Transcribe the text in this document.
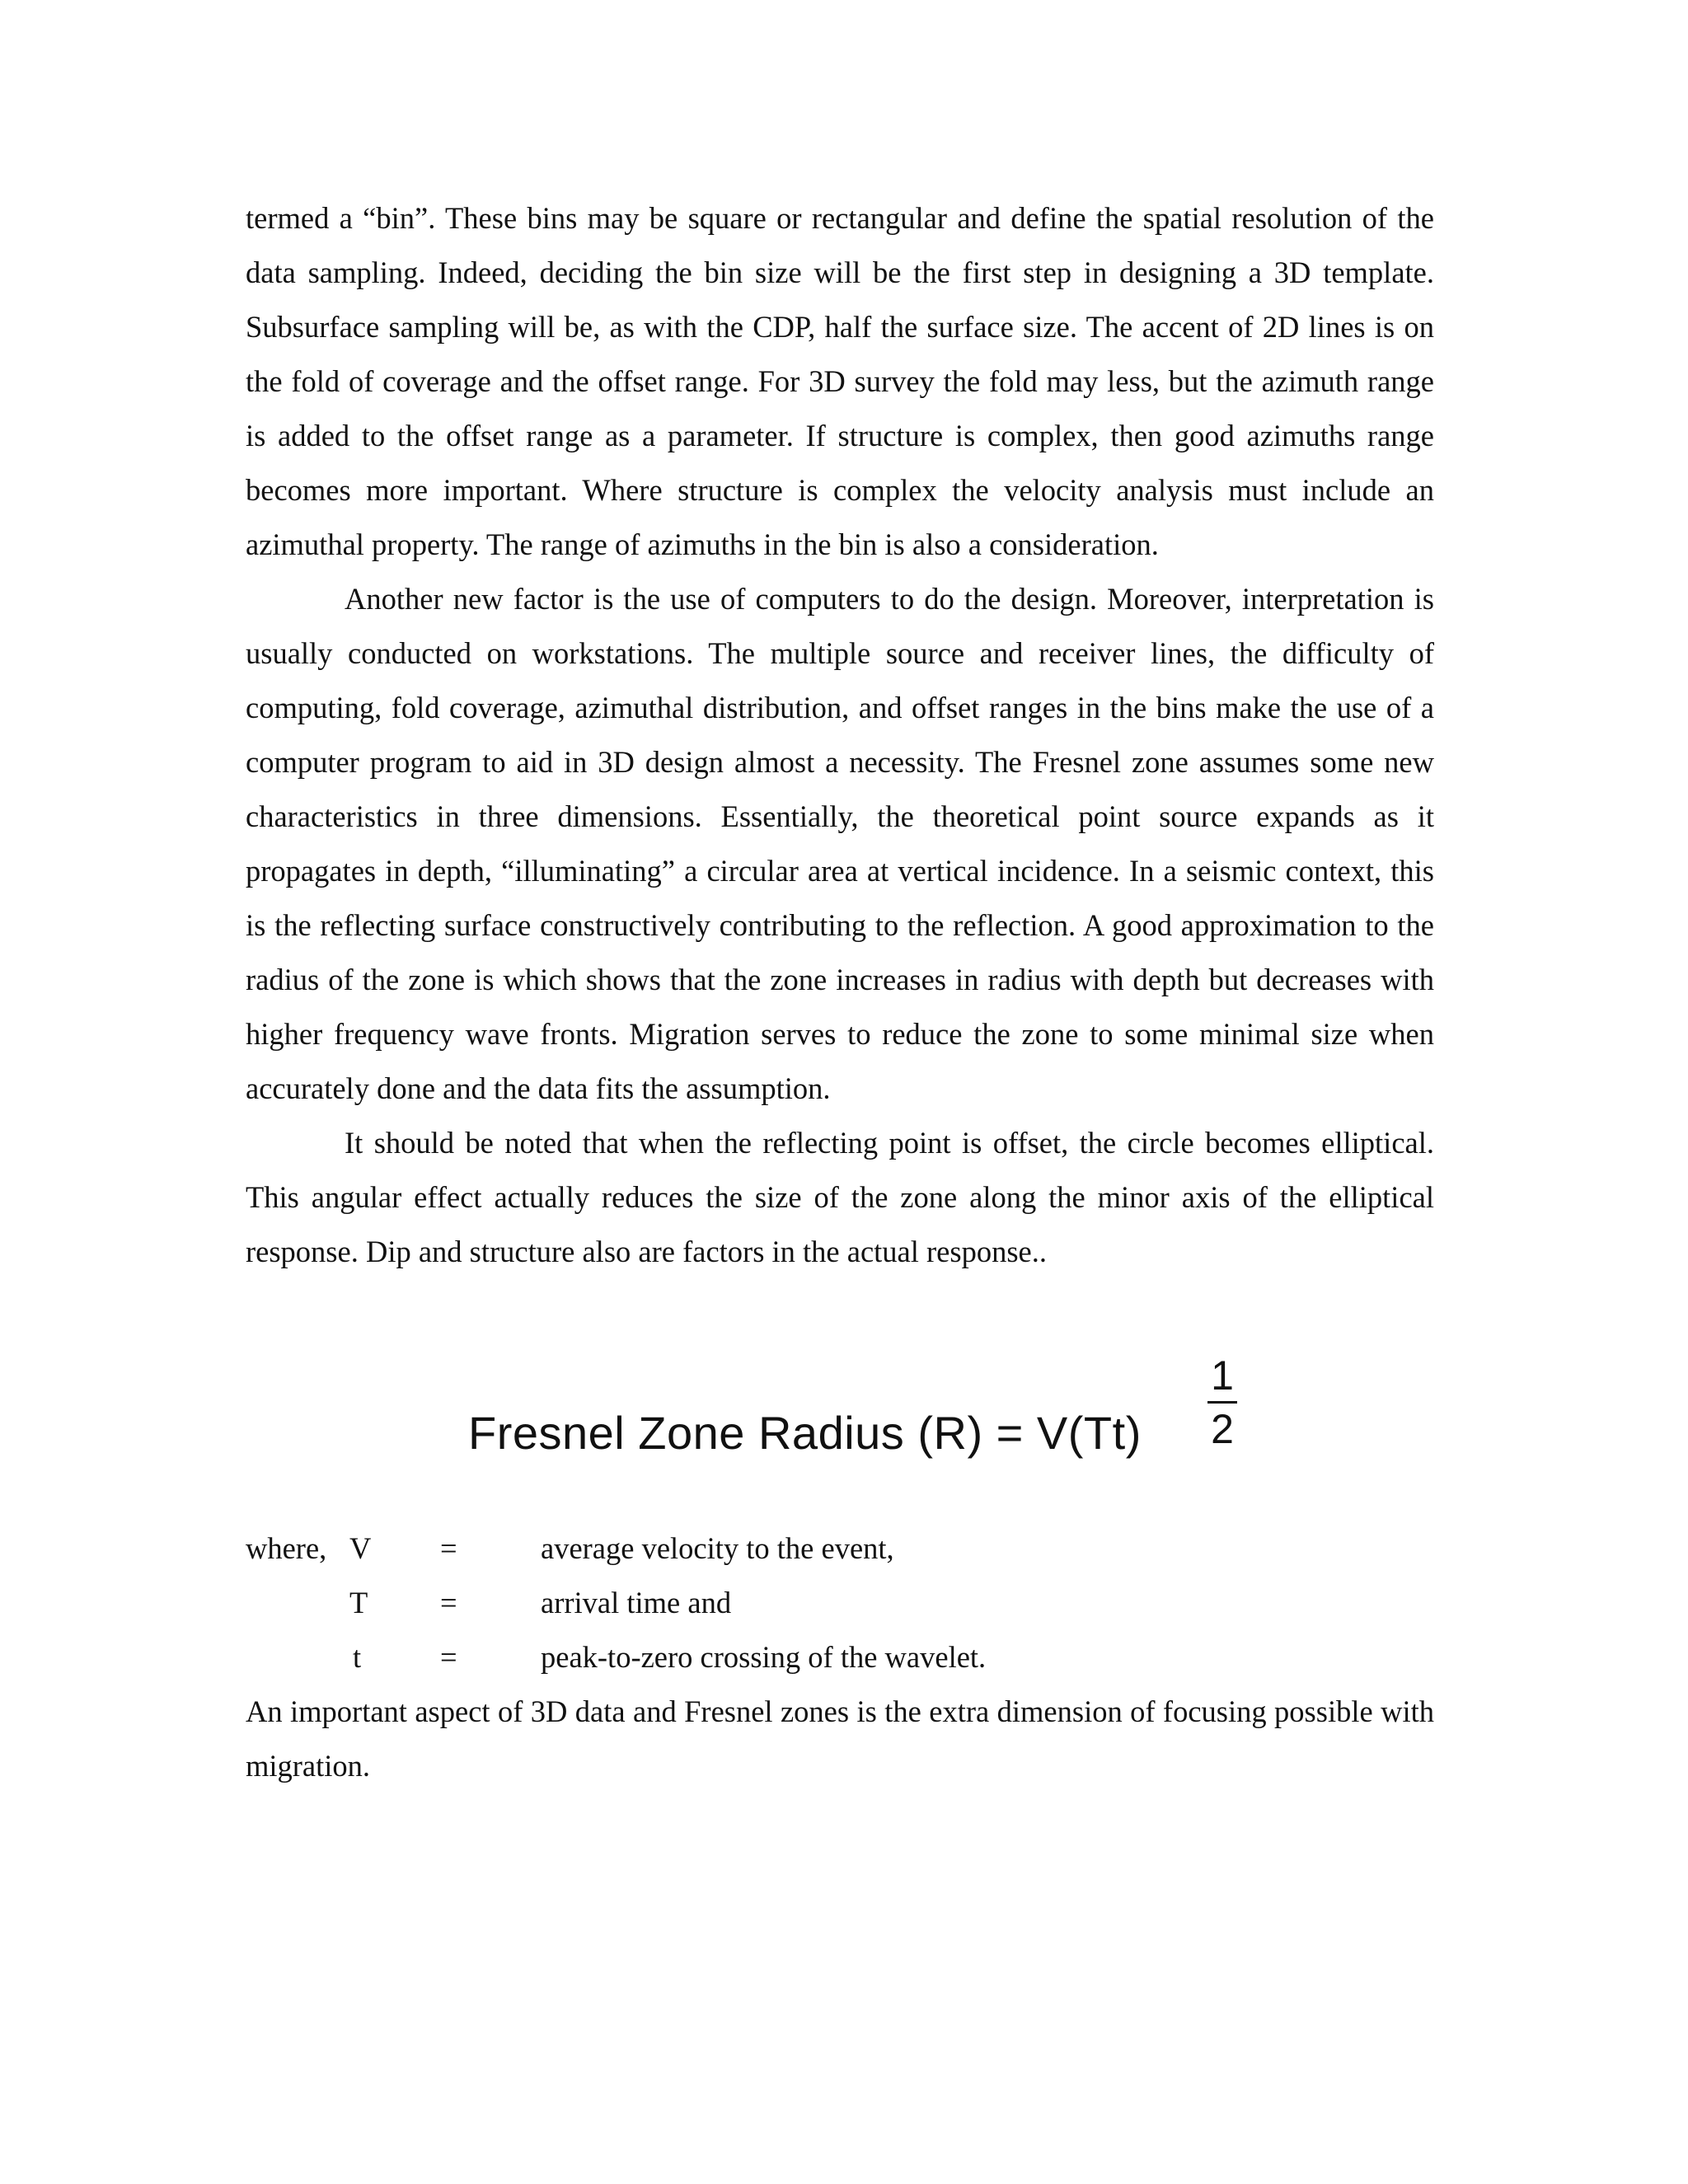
termed a “bin”. These bins may be square or rectangular and define the spatial resolution of the data sampling. Indeed, deciding the bin size will be the first step in designing a 3D template. Subsurface sampling will be, as with the CDP, half the surface size. The accent of 2D lines is on the fold of coverage and the offset range. For 3D survey the fold may less, but the azimuth range is added to the offset range as a parameter. If structure is complex, then good azimuths range becomes more important. Where structure is complex the velocity analysis must include an azimuthal property. The range of azimuths in the bin is also a consideration.

Another new factor is the use of computers to do the design. Moreover, interpretation is usually conducted on workstations. The multiple source and receiver lines, the difficulty of computing, fold coverage, azimuthal distribution, and offset ranges in the bins make the use of a computer program to aid in 3D design almost a necessity. The Fresnel zone assumes some new characteristics in three dimensions. Essentially, the theoretical point source expands as it propagates in depth, “illuminating” a circular area at vertical incidence. In a seismic context, this is the reflecting surface constructively contributing to the reflection. A good approximation to the radius of the zone is which shows that the zone increases in radius with depth but decreases with higher frequency wave fronts. Migration serves to reduce the zone to some minimal size when accurately done and the data fits the assumption.

It should be noted that when the reflecting point is offset, the circle becomes elliptical. This angular effect actually reduces the size of the zone along the minor axis of the elliptical response. Dip and structure also are factors in the actual response..

Fresnel Zone Radius (R) = V(Tt)
1
2
where, V =	average velocity to the event,
T =	arrival time and
t	=	peak-to-zero crossing of the wavelet.

An important aspect of 3D data and Fresnel zones is the extra dimension of focusing possible with migration.
